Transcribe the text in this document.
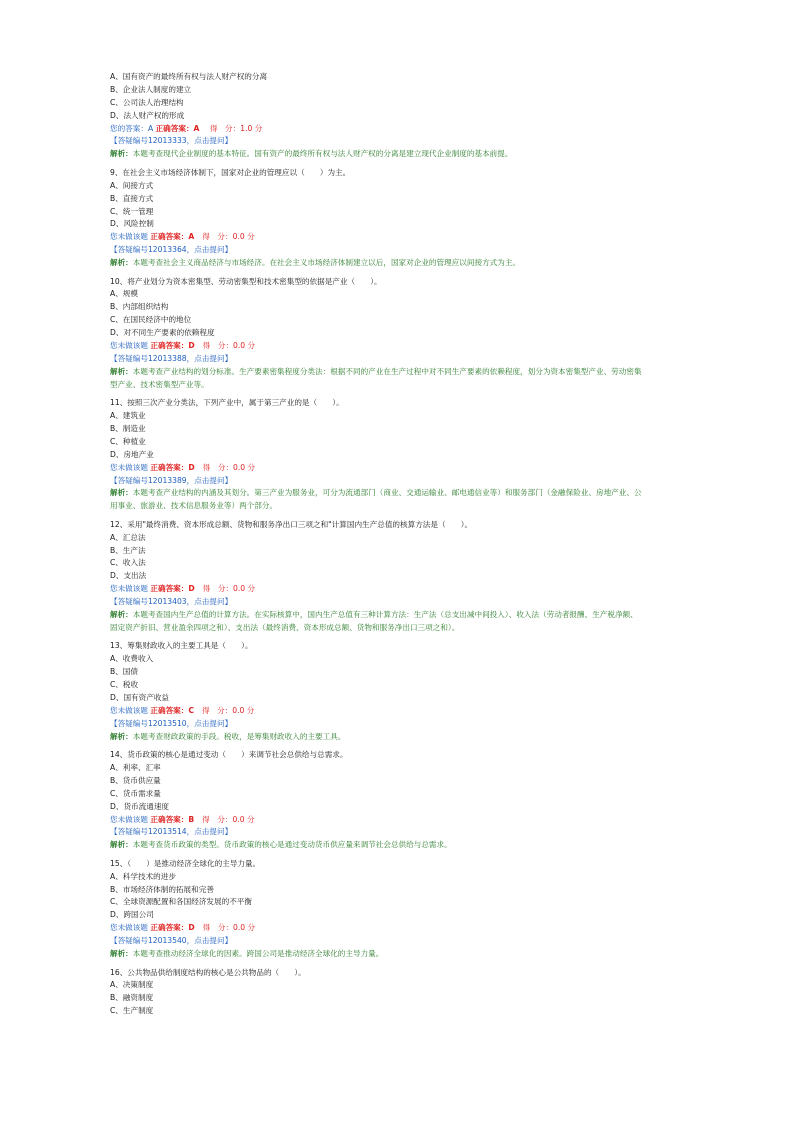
A、国有资产的最终所有权与法人财产权的分离
B、企业法人制度的建立
C、公司法人治理结构
D、法人财产权的形成
您的答案：A 正确答案：A 得　分：1.0 分
【答疑编号12013333，点击提问】
解析：本题考查现代企业制度的基本特征。国有资产的最终所有权与法人财产权的分离是建立现代企业制度的基本前提。
9、在社会主义市场经济体制下，国家对企业的管理应以（　　）为主。
A、间接方式
B、直接方式
C、统一管理
D、风险控制
您未做该题 正确答案：A 得　分：0.0 分
【答疑编号12013364，点击提问】
解析：本题考查社会主义商品经济与市场经济。在社会主义市场经济体制建立以后，国家对企业的管理应以间接方式为主。
10、将产业划分为资本密集型、劳动密集型和技术密集型的依据是产业（　　）。
A、规模
B、内部组织结构
C、在国民经济中的地位
D、对不同生产要素的依赖程度
您未做该题 正确答案：D 得　分：0.0 分
【答疑编号12013388，点击提问】
解析：本题考查产业结构的划分标准。生产要素密集程度分类法：根据不同的产业在生产过程中对不同生产要素的依赖程度，划分为资本密集型产业、劳动密集
型产业、技术密集型产业等。
11、按照三次产业分类法，下列产业中，属于第三产业的是（　　）。
A、建筑业
B、制造业
C、种植业
D、房地产业
您未做该题 正确答案：D 得　分：0.0 分
【答疑编号12013389，点击提问】
解析：本题考查产业结构的内涵及其划分。第三产业为服务业，可分为流通部门（商业、交通运输业、邮电通信业等）和服务部门（金融保险业、房地产业、公
用事业、旅游业、技术信息服务业等）两个部分。
12、采用"最终消费、资本形成总额、货物和服务净出口三项之和"计算国内生产总值的核算方法是（　　）。
A、汇总法
B、生产法
C、收入法
D、支出法
您未做该题 正确答案：D 得　分：0.0 分
【答疑编号12013403，点击提问】
解析：本题考查国内生产总值的计算方法。在实际核算中，国内生产总值有三种计算方法：生产法（总支出减中间投入）、收入法（劳动者报酬、生产税净额、
固定资产折旧、营业盈余四项之和）、支出法（最终消费、资本形成总额、货物和服务净出口三项之和）。
13、筹集财政收入的主要工具是（　　）。
A、收费收入
B、国债
C、税收
D、国有资产收益
您未做该题 正确答案：C 得　分：0.0 分
【答疑编号12013510，点击提问】
解析：本题考查财政政策的手段。税收，是筹集财政收入的主要工具。
14、货币政策的核心是通过变动（　　）来调节社会总供给与总需求。
A、利率、汇率
B、货币供应量
C、货币需求量
D、货币流通速度
您未做该题 正确答案：B 得　分：0.0 分
【答疑编号12013514，点击提问】
解析：本题考查货币政策的类型。货币政策的核心是通过变动货币供应量来调节社会总供给与总需求。
15、（　　）是推动经济全球化的主导力量。
A、科学技术的进步
B、市场经济体制的拓展和完善
C、全球资源配置和各国经济发展的不平衡
D、跨国公司
您未做该题 正确答案：D 得　分：0.0 分
【答疑编号12013540，点击提问】
解析：本题考查推动经济全球化的因素。跨国公司是推动经济全球化的主导力量。
16、公共物品供给制度结构的核心是公共物品的（　　）。
A、决策制度
B、融资制度
C、生产制度
